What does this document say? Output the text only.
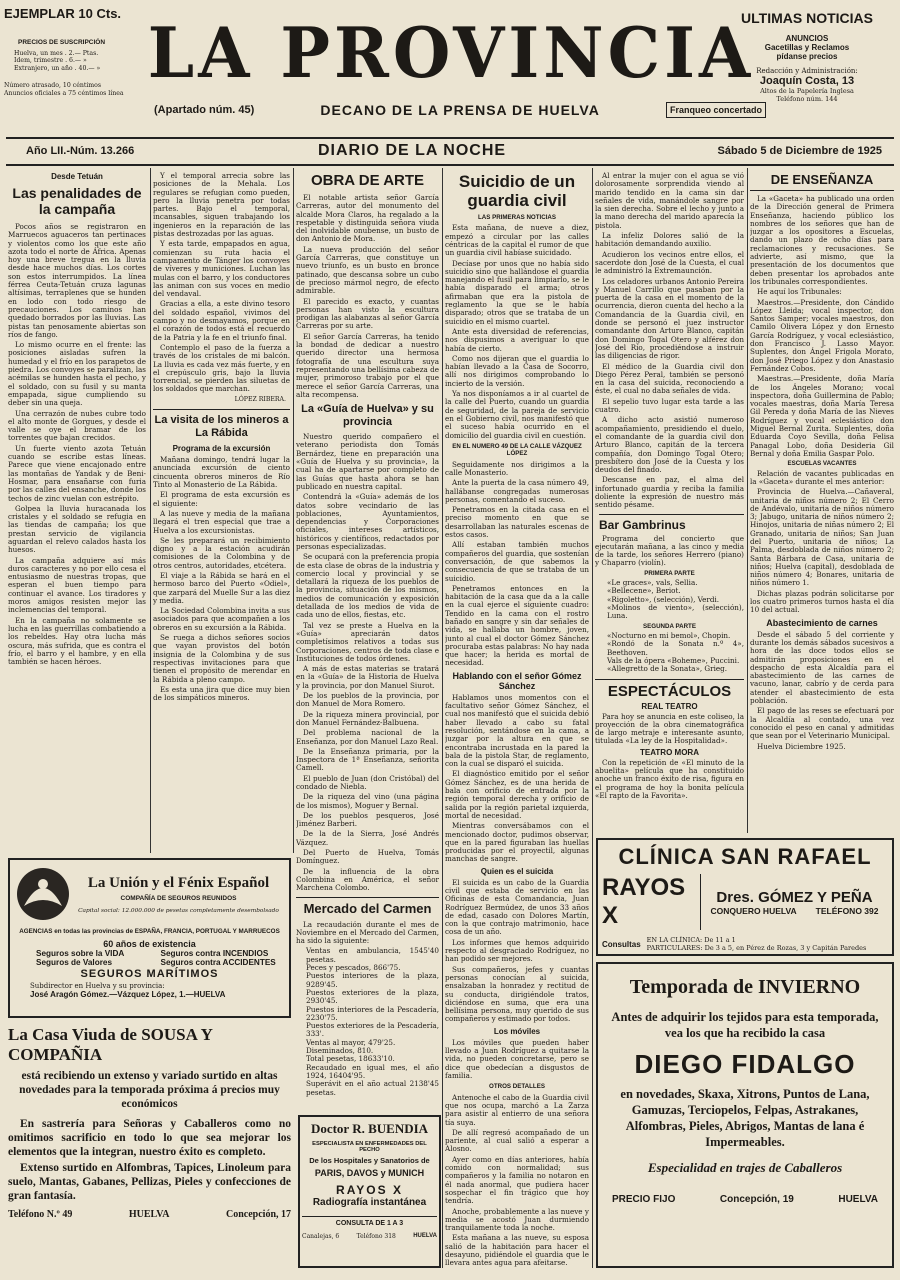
EJEMPLAR 10 Cts.
PRECIOS DE SUSCRIPCIÓN

Huelva, un mes . 2.— Ptas.

Idem, trimestre . 6.— »

Extranjero, un año . 40.— »

Número atrasado, 10 céntimos
Anuncios oficiales a 75 céntimos línea LA PROVINCIA
(Apartado núm. 45)	DECANO DE LA PRENSA DE HUELVA	Franqueo concertado
ULTIMAS NOTICIAS
ANUNCIOS
Gacetillas y Reclamos
pídanse precios
Redacción y Administración:
Joaquín Costa, 13
Altos de la Papelería Inglesa
Teléfono núm. 144
Año LII.-Núm. 13.266	DIARIO DE LA NOCHE	Sábado 5 de Diciembre de 1925
Desde Tetuán
Las penalidades de la campaña

Pocos años se registraron en Marruecos aguaceros tan pertinaces y violentos como los que este año azota todo el norte de África. Apenas hoy una breve tregua en la lluvia desde hace muchos días. Los cortes son estos interrumpidos. La línea férrea Ceuta-Tetuán cruza lagunas altísimas, terraplenes que se hunden en lodo con todo riesgo de precauciones. Los caminos han quedado borrados por las lluvias. Las pistas tan penosamente abiertas son ríos de fango.

Lo mismo ocurre en el frente: las posiciones aisladas sufren la humedad y el frío en los parapetos de piedra. Los convoyes se paralizan, las acémilas se hunden hasta el pecho, y el soldado, con su fusil y su manta empapada, sigue cumpliendo su deber sin una queja.

Una cerrazón de nubes cubre todo el alto monte de Gorgues, y desde el valle se oye el bramar de los torrentes que bajan crecidos.

Un fuerte viento azota Tetuán cuando se escribe estas líneas. Parece que viene encajonado entre las montañas de Yandak y de Beni-Hosmar, para ensañarse con furia por las calles del ensanche, donde los techos de zinc vuelan con estrépito.

Golpea la lluvia huracanada los cristales y el soldado se refugia en las tiendas de campaña; los que prestan servicio de vigilancia aguardan el relevo calados hasta los huesos.

La campaña adquiere así más duros caracteres y no por ello cesa el entusiasmo de nuestras tropas, que esperan el buen tiempo para continuar el avance. Los tiradores y moros amigos resisten mejor las inclemencias del temporal.

En la campaña no solamente se lucha en las guerrillas combatiendo a los rebeldes. Hay otra lucha más oscura, más sufrida, que es contra el frío, el barro y el hambre, y en ella también se hacen héroes.

Y el temporal arrecia sobre las posiciones de la Mehala. Los regulares se refugian como pueden, pero la lluvia penetra por todas partes. Bajo el temporal, incansables, siguen trabajando los ingenieros en la reparación de las pistas destrozadas por las aguas.

Y esta tarde, empapados en agua, comienzan su ruta hacia el campamento de Tánger los convoyes de víveres y municiones. Luchan las mulas con el barro, y los conductores las animan con sus voces en medio del vendaval.

Gracias a ella, a este divino tesoro del soldado español, vivimos del campo y no desmayamos, porque en el corazón de todos está el recuerdo de la Patria y la fe en el triunfo final.

Contemplo el paso de la fuerza a través de los cristales de mi balcón. La lluvia es cada vez más fuerte, y en el crepúsculo gris, bajo la lluvia torrencial, se pierden las siluetas de los soldados que marchan.

LÓPEZ RIBERA.
La visita de los mineros a La Rábida
Programa de la excursión

Mañana domingo, tendrá lugar la anunciada excursión de ciento cincuenta obreros mineros de Río Tinto al Monasterio de La Rábida.

El programa de esta excursión es el siguiente:

A las nueve y media de la mañana llegará el tren especial que trae a Huelva a los excursionistas.

Se les preparará un recibimiento digno y a la estación acudirán comisiones de la Colombina y de otros centros, autoridades, etcétera.

El viaje a la Rábida se hará en el hermoso barco del Puerto «Odiel», que zarpará del Muelle Sur a las diez y media.

La Sociedad Colombina invita a sus asociados para que acompañen a los obreros en su excursión a la Rábida.

Se ruega a dichos señores socios que vayan provistos del botón insignia de la Colombina y de sus respectivas invitaciones para que tienen el propósito de merendar en la Rábida a pleno campo.

Es esta una jira que dice muy bien de los simpáticos mineros.

OBRA DE ARTE

El notable artista señor García Carreras, autor del monumento del alcalde Mora Claros, ha regalado a la respetable y distinguida señora viuda del inolvidable onubense, un busto de don Antonio de Mora.

La nueva producción del señor García Carreras, que constituye un nuevo triunfo, es un busto en bronce patinado, que descansa sobre un cubo de precioso mármol negro, de efecto admirable.

El parecido es exacto, y cuantas personas han visto la escultura prodigan las alabanzas al señor García Carreras por su arte.

El señor García Carreras, ha tenido la bondad de dedicar a nuestro querido director una hermosa fotografía de una escultura suya representando una bellísima cabeza de mujer, primoroso trabajo por el que merece el señor García Carreras, una alta recompensa.

La «Guía de Huelva» y su provincia

Nuestro querido compañero el veterano periodista don Tomás Bernárdez, tiene en preparación una «Guía de Huelva y su provincia», la cual ha de apartarse por completo de las Guías que hasta ahora se han publicado en nuestra capital.

Contendrá la «Guía» además de los datos sobre vecindario de las poblaciones, Ayuntamientos, dependencias y Corporaciones oficiales, intereses artísticos, históricos y científicos, redactados por personas especializadas.

Se ocupará con la preferencia propia de esta clase de obras de la industria y comercio local y provincial y se detallará la riqueza de los pueblos de la provincia, situación de los mismos, medios de comunicación y exposición detallada de los medios de vida de cada uno de ellos, fiestas, etc.

Tal vez se preste a Huelva en la «Guía» apreciarán datos completísimos relativos a todas sus Corporaciones, centros de toda clase e Instituciones de todos órdenes.

A más de estas materias se tratará en la «Guía» de la Historia de Huelva y la provincia, por don Manuel Siurot.

De los pueblos de la provincia, por don Manuel de Mora Romero.

De la riqueza minera provincial, por don Manuel Fernández-Balbuena.

Del problema nacional de la Enseñanza, por don Manuel Lazo Real.

De la Enseñanza primaria, por la Inspectora de 1ª Enseñanza, señorita Camell.

El pueblo de Juan (don Cristóbal) del condado de Niebla.

De la riqueza del vino (una página de los mismos), Moguer y Bernal.

De los pueblos pesqueros, José Jiménez Barberi.

De la de la Sierra, José Andrés Vázquez.

Del Puerto de Huelva, Tomás Domínguez.

De la influencia de la obra Colombina en América, el señor Marchena Colombo.

Mercado del Carmen

La recaudación durante el mes de Noviembre en el Mercado del Carmen, ha sido la siguiente:

Ventas en ambulancia, 1545'40 pesetas.

Peces y pescados, 866'75.

Puestos interiores de la plaza, 9289'45.

Puestos exteriores de la plaza, 2930'45.

Puestos interiores de la Pescadería, 2230'75.

Puestos exteriores de la Pescadería, 333'.

Ventas al mayor, 479'25.

Diseminados, 810.

Total pesetas, 18633'10.

Recaudado en igual mes, el año 1924, 16404'95.

Superávit en el año actual 2138'45 pesetas.

Doctor R. BUENDIA
ESPECIALISTA EN ENFERMEDADES DEL PECHO
De los Hospitales y Sanatorios de
PARIS, DAVOS y MUNICH
RAYOS X
Radiografía instantánea
CONSULTA DE 1 A 3
Canalejas, 6	Teléfono 318	HUELVA
Suicidio de un guardia civil
LAS PRIMERAS NOTICIAS

Esta mañana, de nueve a diez, empezó a circular por las calles céntricas de la capital el rumor de que un guardia civil habíase suicidado.

Decíase por unos que no había sido suicidio sino que hallándose el guardia manejando el fusil para limpiarlo, se le había disparado el arma; otros afirmaban que era la pistola de reglamento la que se le había disparado; otros que se trataba de un suicidio en el mismo cuartel.

Ante esta diversidad de referencias, nos dispusimos a averiguar lo que había de cierto.

Como nos dijeran que el guardia lo habían llevado a la Casa de Socorro, allí nos dirigimos comprobando lo incierto de la versión.

Ya nos disponíamos a ir al cuartel de la calle del Puerto, cuando un guardia de seguridad, de la pareja de servicio en el Gobierno civil, nos manifestó que el suceso había ocurrido en el domicilio del guardia civil en cuestión.

EN EL NUMERO 49 DE LA CALLE VÁZQUEZ LÓPEZ

Seguidamente nos dirigimos a la calle Monasterio.

Ante la puerta de la casa número 49, hallábanse congregadas numerosas personas, comentando el suceso.

Penetramos en la citada casa en el preciso momento en que se desarrollaban las naturales escenas de estos casos.

Allí estaban también muchos compañeros del guardia, que sostenían conversación, de que sabemos la consecuencia de que se trataba de un suicidio.

Penetramos entonces en la habitación de la casa que da a la calle en la cual ejerce el siguiente cuadro: Tendido en la cama con el rostro bañado en sangre y sin dar señales de vida, se hallaba un hombre, joven, junto al cual el doctor Gómez Sánchez procuraba estas palabras: No hay nada que hacer; la herida es mortal de necesidad.

Hablando con el señor Gómez Sánchez

Hablamos unos momentos con el facultativo señor Gómez Sánchez, el cual nos manifestó que el suicida debió haber llevado a cabo su fatal resolución, sentándose en la cama, a juzgar por la altura en que se encontraba incrustada en la pared la bala de la pistola Star, de reglamento, con la cual se disparó el suicida.

El diagnóstico emitido por el señor Gómez Sánchez, es de una herida de bala con orificio de entrada por la región temporal derecha y orificio de salida por la región parietal izquierda, mortal de necesidad.

Mientras conversábamos con el mencionado doctor, pudimos observar, que en la pared figuraban las huellas producidas por el proyectil, algunas manchas de sangre.

Quien es el suicida

El suicida es un cabo de la Guardia civil que estaba de servicio en las Oficinas de esta Comandancia, Juan Rodríguez Bermúdez, de unos 33 años de edad, casado con Dolores Martín, con la que contrajo matrimonio, hace cosa de un año.

Los informes que hemos adquirido respecto al desgraciado Rodríguez, no han podido ser mejores.

Sus compañeros, jefes y cuantas personas conocían al suicida, ensalzaban la honradez y rectitud de su conducta, dirigiéndole tratos, diciéndose en suma, que era una bellísima persona, muy querido de sus compañeros y estimado por todos.

Los móviles

Los móviles que pueden haber llevado a Juan Rodríguez a quitarse la vida, no pueden concretarse, pero se dice que obedecían a disgustos de familia.

OTROS DETALLES

Antenoche el cabo de la Guardia civil que nos ocupa, marchó a La Zarza para asistir al entierro de una señora tía suya.

De allí regresó acompañado de un pariente, al cual salió a esperar a Alosno.

Ayer como en días anteriores, había comido con normalidad; sus compañeros y la familia no notaron en él nada anormal, que pudiera hacer sospechar el fin trágico que hoy tendría.

Anoche, probablemente a las nueve y media se acostó Juan durmiendo tranquilamente toda la noche.

Esta mañana a las nueve, su esposa salió de la habitación para hacer el desayuno, pidiéndole el guardia que le llevara antes agua para afeitarse.

Al entrar la mujer con el agua se vió dolorosamente sorprendida viendo al marido tendido en la cama sin dar señales de vida, manándole sangre por la sien derecha. Sobre el lecho y junto a la mano derecha del marido aparecía la pistola.

La infeliz Dolores salió de la habitación demandando auxilio.

Acudieron los vecinos entre ellos, el sacerdote don José de la Cuesta, el cual le administró la Extremaunción.

Los celadores urbanos Antonio Pereira y Manuel Carrillo que pasaban por la puerta de la casa en el momento de la ocurrencia, dieron cuenta del hecho a la Comandancia de la Guardia civil, en donde se personó el juez instructor comandante don Arturo Blanco, capitán don Domingo Togal Otero y alférez don José del Río, procediéndose a instruir las diligencias de rigor.

El médico de la Guardia civil don Diego Pérez Peral, también se personó en la casa del suicida, reconociendo a éste, el cual no daba señales de vida.

El sepelio tuvo lugar esta tarde a las cuatro.

A dicho acto asistió numeroso acompañamiento, presidiendo el duelo, el comandante de la guardia civil don Arturo Blanco, capitán de la tercera compañía, don Domingo Togal Otero; presbítero don José de la Cuesta y los deudos del finado.

Descanse en paz, el alma del infortunado guardia y reciba la familia doliente la expresión de nuestro más sentido pésame.

Bar Gambrinus

Programa del concierto que ejecutarán mañana, a las cinco y media de la tarde, los señores Herrero (piano) y Chaparro (violín).

PRIMERA PARTE

«Le graces», vals, Sellia.

«Bellecene», Beriot.

«Rigoletto», (selección), Verdi.

«Molinos de viento», (selección), Luna.

SEGUNDA PARTE

«Nocturno en mi bemol», Chopin.

«Rondó de la Sonata n.º 4», Beethoven.

Vals de la ópera «Boheme», Puccini.

«Allegretto de la Sonata», Grieg.

ESPECTÁCULOS
REAL TEATRO

Para hoy se anuncia en este coliseo, la proyección de la obra cinematográfica de largo metraje e interesante asunto, titulada «La ley de la Hospitalidad».

TEATRO MORA

Con la repetición de «El minuto de la abuelita» película que ha constituido anoche un franco éxito de risa, figura en el programa de hoy la bonita película «El rapto de la Favorita».

DE ENSEÑANZA

La «Gaceta» ha publicado una orden de la Dirección general de Primera Enseñanza, haciendo público los nombres de los señores que han de juzgar a los opositores a Escuelas, dando un plazo de ocho días para reclamaciones y recusaciones. Se advierte, así mismo, que la presentación de los documentos que deben presentar los aprobados ante los tribunales correspondientes.

He aquí los Tribunales:

Maestros.—Presidente, don Cándido López Lleida; vocal inspector, don Santos Samper; vocales maestros, don Camilo Olivera López y don Ernesto García Rodríguez, y vocal eclesiástico, don Francisco J. Lasso Mayor. Suplentes, don Ángel Frigola Morato, don José Priego López y don Anastasio Fernández Cobos.

Maestras.—Presidente, doña María de los Ángeles Morano; vocal inspectora, doña Guillermina de Pablo; vocales maestras, doña María Teresa Gil Pereda y doña María de las Nieves Rodríguez y vocal eclesiástico don Miguel Bernal Zurita. Suplentes, doña Eduarda Coyo Sevilla, doña Felisa Panagal Lobo, doña Desideria Gil Bernal y doña Emilia Gaspar Polo.

ESCUELAS VACANTES

Relación de vacantes publicadas en la «Gaceta» durante el mes anterior:

Provincia de Huelva.—Cañaveral, unitaria de niños número 2; El Cerro de Andévalo, unitaria de niños número 3; Jabugo, unitaria de niños número 2; Hinojos, unitaria de niñas número 2; El Granado, unitaria de niños; San Juan del Puerto, unitaria de niños; La Palma, desdoblada de niños número 2; Santa Bárbara de Casa, unitaria de niños; Huelva (capital), desdoblada de niños número 4; Bonares, unitaria de niños número 1.

Dichas plazas podrán solicitarse por los cuatro primeros turnos hasta el día 10 del actual.

Abastecimiento de carnes

Desde el sábado 5 del corriente y durante los demás sábados sucesivos a hora de las doce todos ellos se admitirán proposiciones en el despacho de esta Alcaldía para el abastecimiento de las carnes de vacuno, lanar, cabrío y de cerda para atender el abastecimiento de esta población.

El pago de las reses se efectuará por la Alcaldía al contado, una vez conocido el peso en canal y admitidas que sean por el Veterinario Municipal.

Huelva Diciembre 1925.

La Unión y el Fénix Español
COMPAÑÍA DE SEGUROS REUNIDOS
Capital social: 12.000.000 de pesetas completamente desembolsado
AGENCIAS en todas las provincias de ESPAÑA, FRANCIA, PORTUGAL Y MARRUECOS
60 años de existencia
Seguros sobre la VIDA	Seguros contra INCENDIOS
Seguros de Valores	Seguros contra ACCIDENTES
SEGUROS MARÍTIMOS
Subdirector en Huelva y su provincia:
José Aragón Gómez.—Vázquez López, 1.—HUELVA
La Casa Viuda de SOUSA Y COMPAÑIA
está recibiendo un extenso y variado surtido en altas novedades para la temporada próxima á precios muy económicos
En sastrería para Señoras y Caballeros como no omitimos sacrificio en todo lo que sea mejorar los elementos que la integran, nuestro éxito es completo.
Extenso surtido en Alfombras, Tapices, Linoleum para suelo, Mantas, Gabanes, Pellizas, Pieles y confecciones de gran fantasía.
Teléfono N.º 49	HUELVA	Concepción, 17
CLÍNICA SAN RAFAEL
RAYOS X
Dres. GÓMEZ Y PEÑA
CONQUERO HUELVA TELÉFONO 392
Consultas EN LA CLÍNICA: De 11 a 1
PARTICULARES: De 3 a 5, en Pérez de Rozas, 3 y Capitán Paredes
Temporada de INVIERNO
Antes de adquirir los tejidos para esta temporada, vea los que ha recibido la casa
DIEGO FIDALGO
en novedades, Skaxa, Xitrons, Puntos de Lana, Gamuzas, Terciopelos, Felpas, Astrakanes, Alfombras, Pieles, Abrigos, Mantas de lana é Impermeables.
Especialidad en trajes de Caballeros
PRECIO FIJO	Concepción, 19	HUELVA
